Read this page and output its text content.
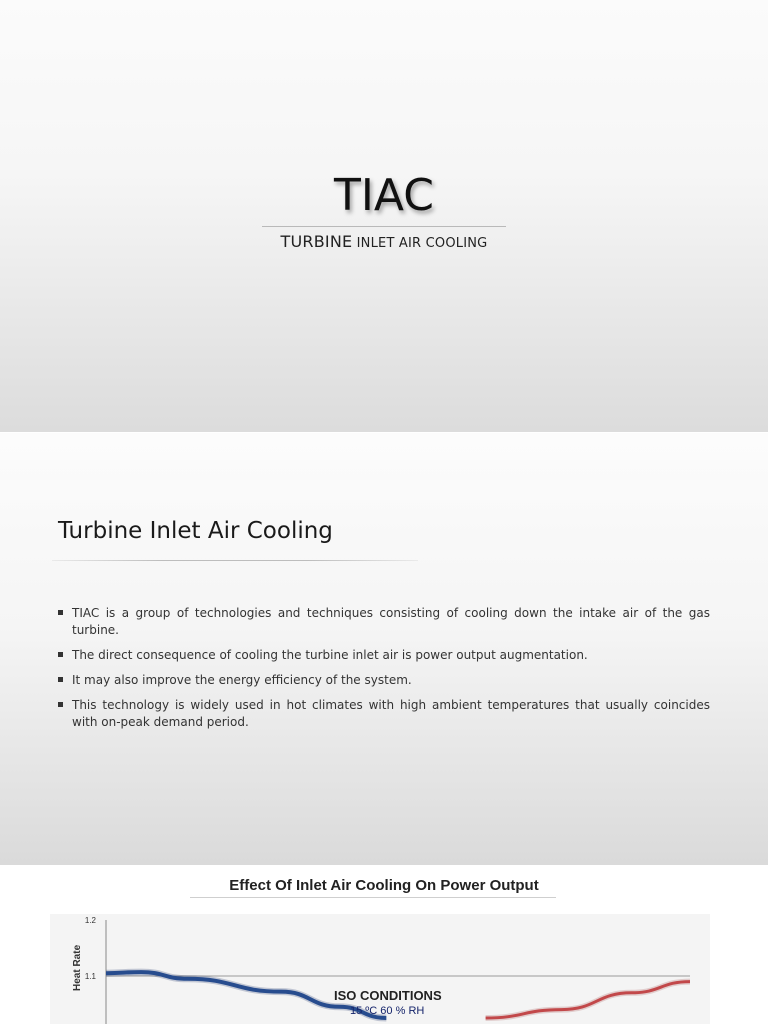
TIAC
TURBINE INLET AIR COOLING
Turbine Inlet Air Cooling
TIAC is a group of technologies and techniques consisting of cooling down the intake air of the gas turbine.
The direct consequence of cooling the turbine inlet air is power output augmentation.
It may also improve the energy efficiency of the system.
This technology is widely used in hot climates with high ambient temperatures that usually coincides with on-peak demand period.
Effect Of Inlet Air Cooling On Power Output
1.2
1.1
Heat Rate
ISO CONDITIONS
15 ºC 60 % RH
